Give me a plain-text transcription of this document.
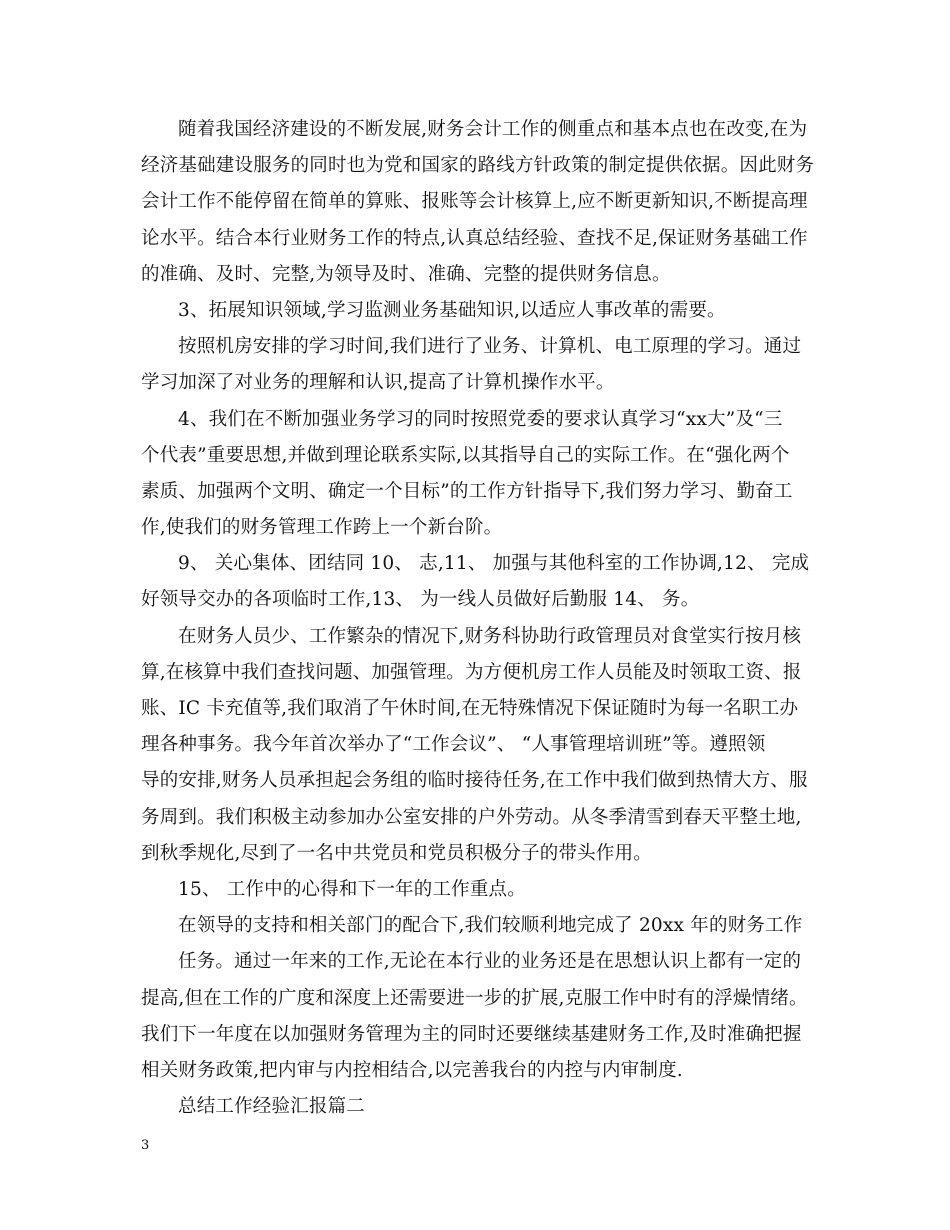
随着我国经济建设的不断发展,财务会计工作的侧重点和基本点也在改变,在为
经济基础建设服务的同时也为党和国家的路线方针政策的制定提供依据。因此财务
会计工作不能停留在简单的算账、报账等会计核算上,应不断更新知识,不断提高理
论水平。结合本行业财务工作的特点,认真总结经验、查找不足,保证财务基础工作
的准确、及时、完整,为领导及时、准确、完整的提供财务信息。
3、拓展知识领域,学习监测业务基础知识,以适应人事改革的需要。
按照机房安排的学习时间,我们进行了业务、计算机、电工原理的学习。通过
学习加深了对业务的理解和认识,提高了计算机操作水平。
4、我们在不断加强业务学习的同时按照党委的要求认真学习“xx大”及“三
个代表”重要思想,并做到理论联系实际,以其指导自己的实际工作。在“强化两个
素质、加强两个文明、确定一个目标”的工作方针指导下,我们努力学习、勤奋工
作,使我们的财务管理工作跨上一个新台阶。
9、 关心集体、团结同 10、 志,11、 加强与其他科室的工作协调,12、 完成
好领导交办的各项临时工作,13、 为一线人员做好后勤服 14、 务。
在财务人员少、工作繁杂的情况下,财务科协助行政管理员对食堂实行按月核
算,在核算中我们查找问题、加强管理。为方便机房工作人员能及时领取工资、报
账、IC 卡充值等,我们取消了午休时间,在无特殊情况下保证随时为每一名职工办
理各种事务。我今年首次举办了“工作会议”、 “人事管理培训班”等。遵照领
导的安排,财务人员承担起会务组的临时接待任务,在工作中我们做到热情大方、服
务周到。我们积极主动参加办公室安排的户外劳动。从冬季清雪到春天平整土地,
到秋季规化,尽到了一名中共党员和党员积极分子的带头作用。
15、 工作中的心得和下一年的工作重点。
在领导的支持和相关部门的配合下,我们较顺利地完成了 20xx 年的财务工作
任务。通过一年来的工作,无论在本行业的业务还是在思想认识上都有一定的
提高,但在工作的广度和深度上还需要进一步的扩展,克服工作中时有的浮燥情绪。
我们下一年度在以加强财务管理为主的同时还要继续基建财务工作,及时准确把握
相关财务政策,把内审与内控相结合,以完善我台的内控与内审制度.
总结工作经验汇报篇二
3
